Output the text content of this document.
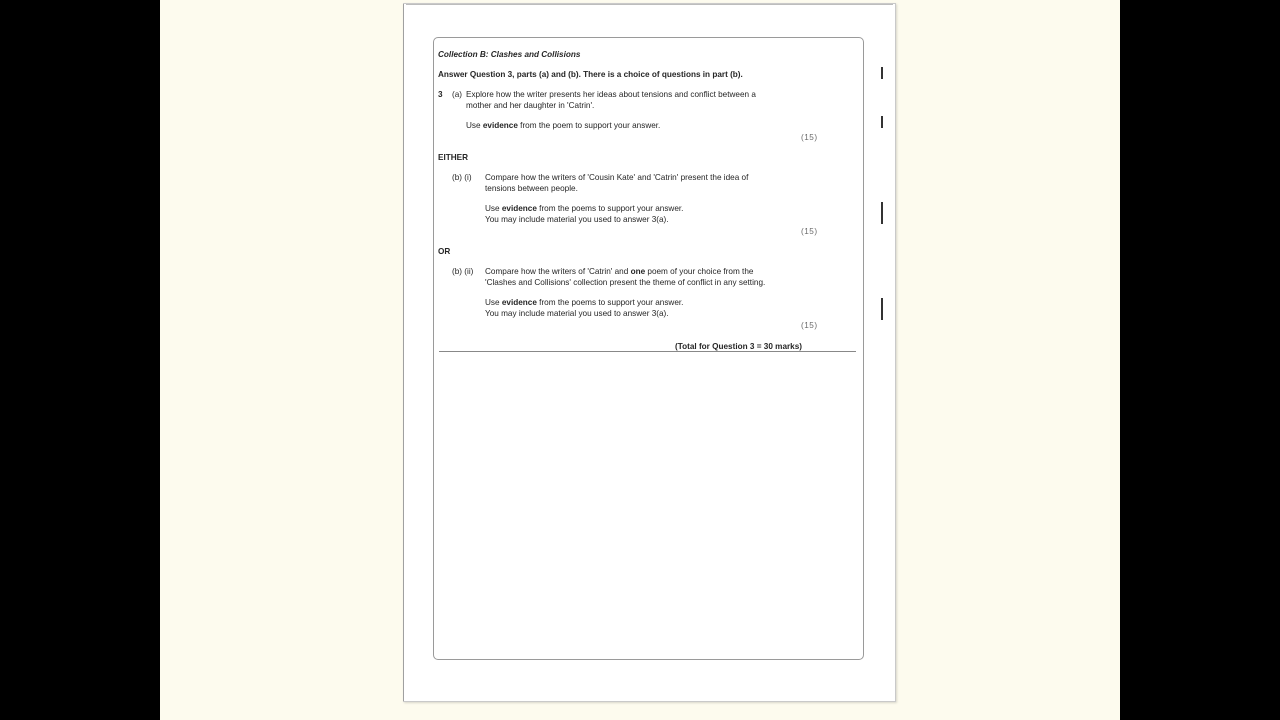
Collection B: Clashes and Collisions
Answer Question 3, parts (a) and (b). There is a choice of questions in part (b).
3 (a) Explore how the writer presents her ideas about tensions and conflict between a
mother and her daughter in 'Catrin'.
Use evidence from the poem to support your answer.
(15)
EITHER
(b) (i) Compare how the writers of 'Cousin Kate' and 'Catrin' present the idea of
tensions between people.
Use evidence from the poems to support your answer.
You may include material you used to answer 3(a).
(15)
OR
(b) (ii) Compare how the writers of 'Catrin' and one poem of your choice from the
'Clashes and Collisions' collection present the theme of conflict in any setting.
Use evidence from the poems to support your answer.
You may include material you used to answer 3(a).
(15)
(Total for Question 3 = 30 marks)
